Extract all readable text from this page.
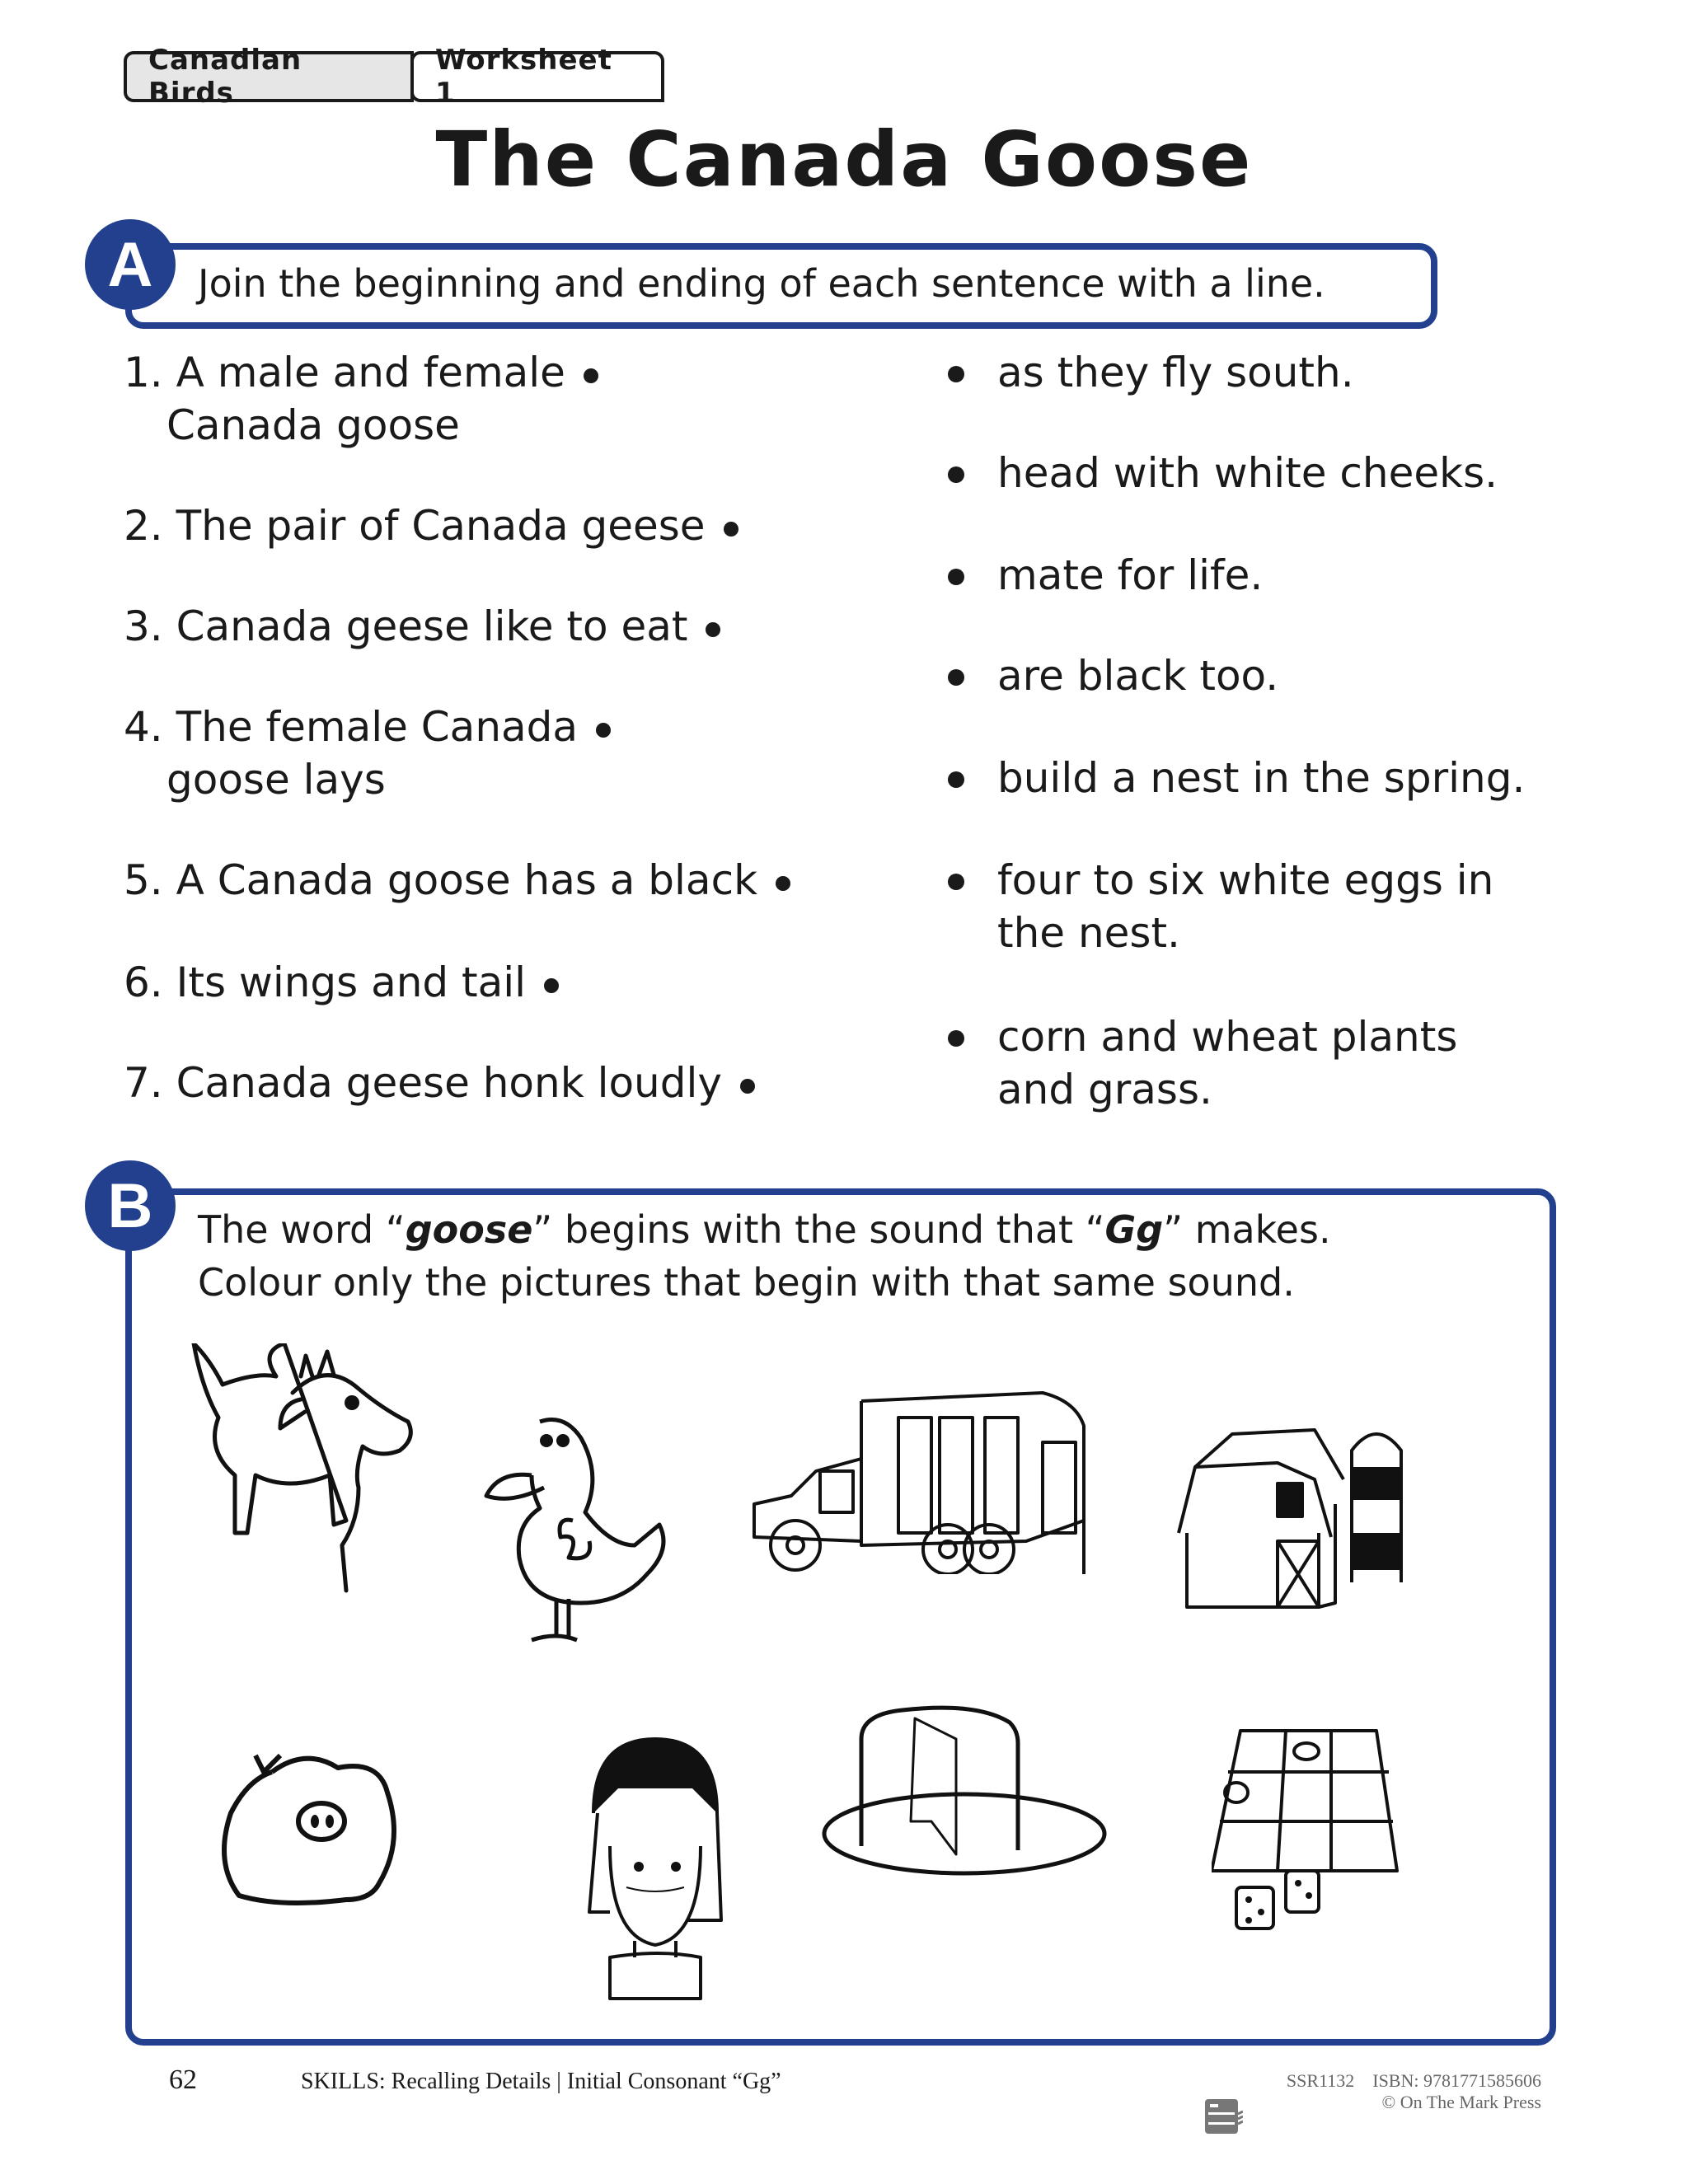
Canadian Birds
Worksheet 1
The Canada Goose
A	Join the beginning and ending of each sentence with a line.
1. A male and female
Canada goose
2. The pair of Canada geese
3. Canada geese like to eat
4. The female Canada
goose lays
5. A Canada goose has a black
6. Its wings and tail
7. Canada geese honk loudly
as they fly south.
head with white cheeks.
mate for life.
are black too.
build a nest in the spring.
four to six white eggs in
the nest.
corn and wheat plants
and grass.
B	The word “goose” begins with the sound that “Gg” makes.
Colour only the pictures that begin with that same sound.
62	SKILLS: Recalling Details | Initial Consonant “Gg”	SSR1132 ISBN: 9781771585606
© On The Mark Press
